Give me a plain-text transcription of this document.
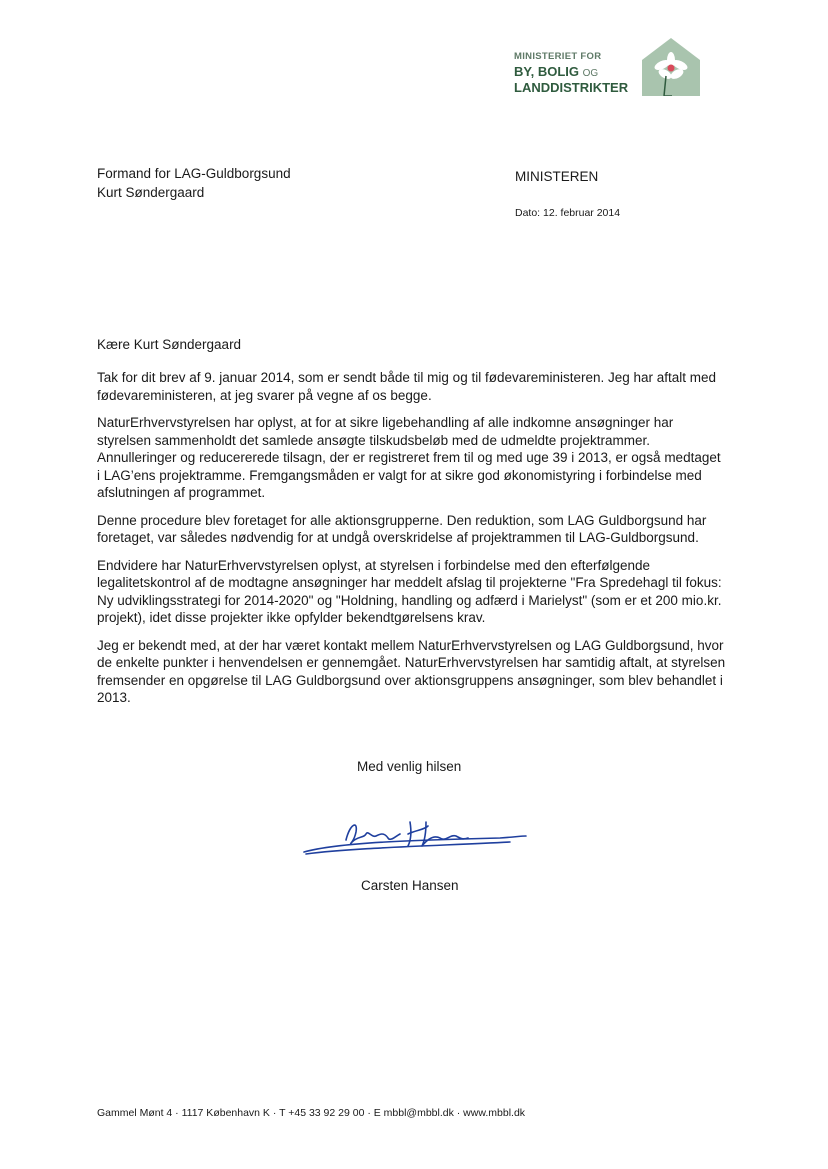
MINISTERIET FOR
BY, BOLIG OG
LANDDISTRIKTER
Formand for LAG-Guldborgsund
Kurt Søndergaard
MINISTEREN
Dato: 12. februar 2014
Kære Kurt Søndergaard

Tak for dit brev af 9. januar 2014, som er sendt både til mig og til fødevareministeren. Jeg har aftalt med fødevareministeren, at jeg svarer på vegne af os begge.

NaturErhvervstyrelsen har oplyst, at for at sikre ligebehandling af alle indkomne ansøgninger har styrelsen sammenholdt det samlede ansøgte tilskudsbeløb med de udmeldte projektrammer. Annulleringer og reducererede tilsagn, der er registreret frem til og med uge 39 i 2013, er også medtaget i LAG’ens projektramme. Fremgangsmåden er valgt for at sikre god økonomistyring i forbindelse med afslutningen af programmet.

Denne procedure blev foretaget for alle aktionsgrupperne. Den reduktion, som LAG Guldborgsund har foretaget, var således nødvendig for at undgå overskridelse af projektrammen til LAG-Guldborgsund.

Endvidere har NaturErhvervstyrelsen oplyst, at styrelsen i forbindelse med den efterfølgende legalitetskontrol af de modtagne ansøgninger har meddelt afslag til projekterne "Fra Spredehagl til fokus: Ny udviklingsstrategi for 2014-2020" og "Holdning, handling og adfærd i Marielyst" (som er et 200 mio.kr. projekt), idet disse projekter ikke opfylder bekendtgørelsens krav.

Jeg er bekendt med, at der har været kontakt mellem NaturErhvervstyrelsen og LAG Guldborgsund, hvor de enkelte punkter i henvendelsen er gennemgået. NaturErhvervstyrelsen har samtidig aftalt, at styrelsen fremsender en opgørelse til LAG Guldborgsund over aktionsgruppens ansøgninger, som blev behandlet i 2013.

Med venlig hilsen
Carsten Hansen
Gammel Mønt 4 · 1117 København K · T +45 33 92 29 00 · E mbbl@mbbl.dk · www.mbbl.dk
